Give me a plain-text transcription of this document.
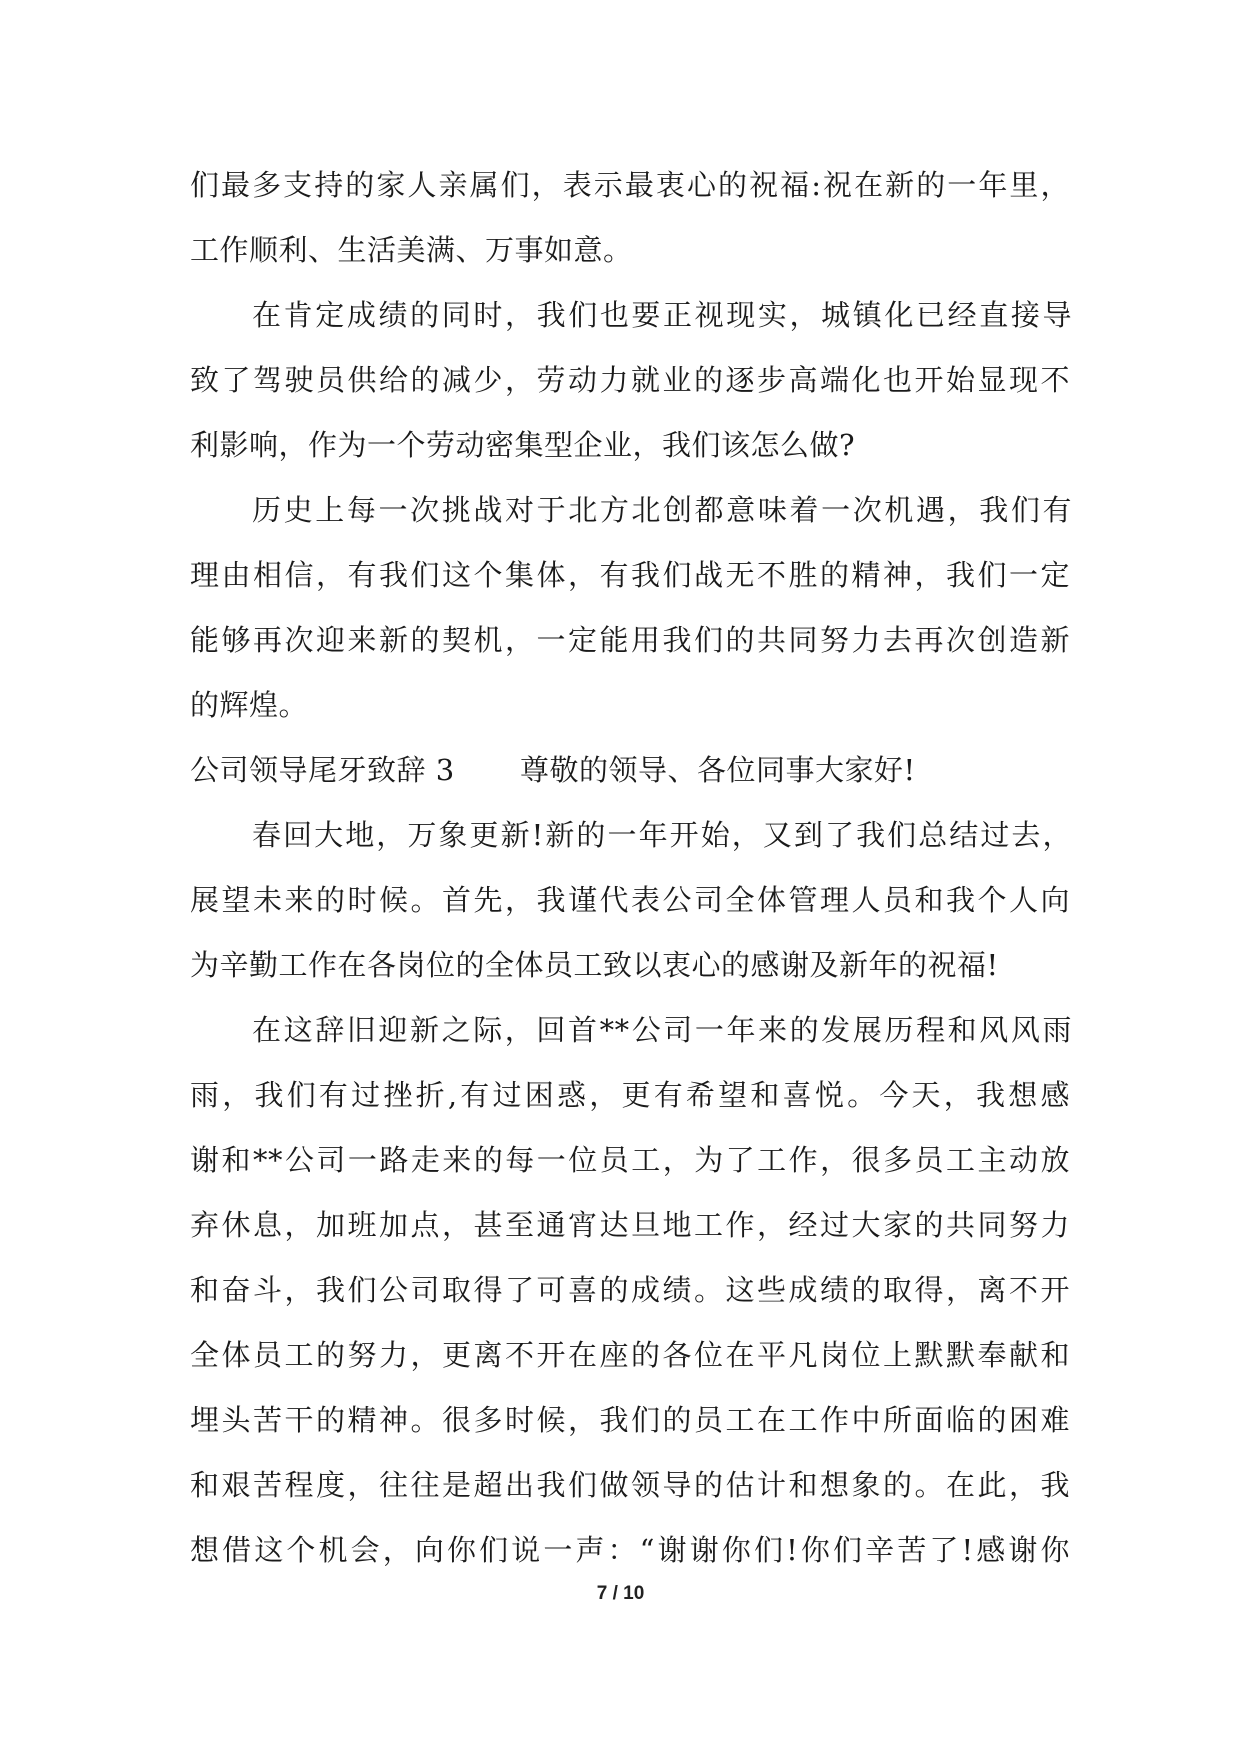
们最多支持的家人亲属们，表示最衷心的祝福:祝在新的一年里，
工作顺利、生活美满、万事如意。
在肯定成绩的同时，我们也要正视现实，城镇化已经直接导
致了驾驶员供给的减少，劳动力就业的逐步高端化也开始显现不
利影响，作为一个劳动密集型企业，我们该怎么做?
历史上每一次挑战对于北方北创都意味着一次机遇，我们有
理由相信，有我们这个集体，有我们战无不胜的精神，我们一定
能够再次迎来新的契机，一定能用我们的共同努力去再次创造新
的辉煌。
公司领导尾牙致辞 3 尊敬的领导、各位同事大家好!
春回大地，万象更新!新的一年开始，又到了我们总结过去，
展望未来的时候。首先，我谨代表公司全体管理人员和我个人向
为辛勤工作在各岗位的全体员工致以衷心的感谢及新年的祝福!
在这辞旧迎新之际，回首**公司一年来的发展历程和风风雨
雨，我们有过挫折,有过困惑，更有希望和喜悦。今天，我想感
谢和**公司一路走来的每一位员工，为了工作，很多员工主动放
弃休息，加班加点，甚至通宵达旦地工作，经过大家的共同努力
和奋斗，我们公司取得了可喜的成绩。这些成绩的取得，离不开
全体员工的努力，更离不开在座的各位在平凡岗位上默默奉献和
埋头苦干的精神。很多时候，我们的员工在工作中所面临的困难
和艰苦程度，往往是超出我们做领导的估计和想象的。在此，我
想借这个机会，向你们说一声：“谢谢你们!你们辛苦了!感谢你
7 / 10
